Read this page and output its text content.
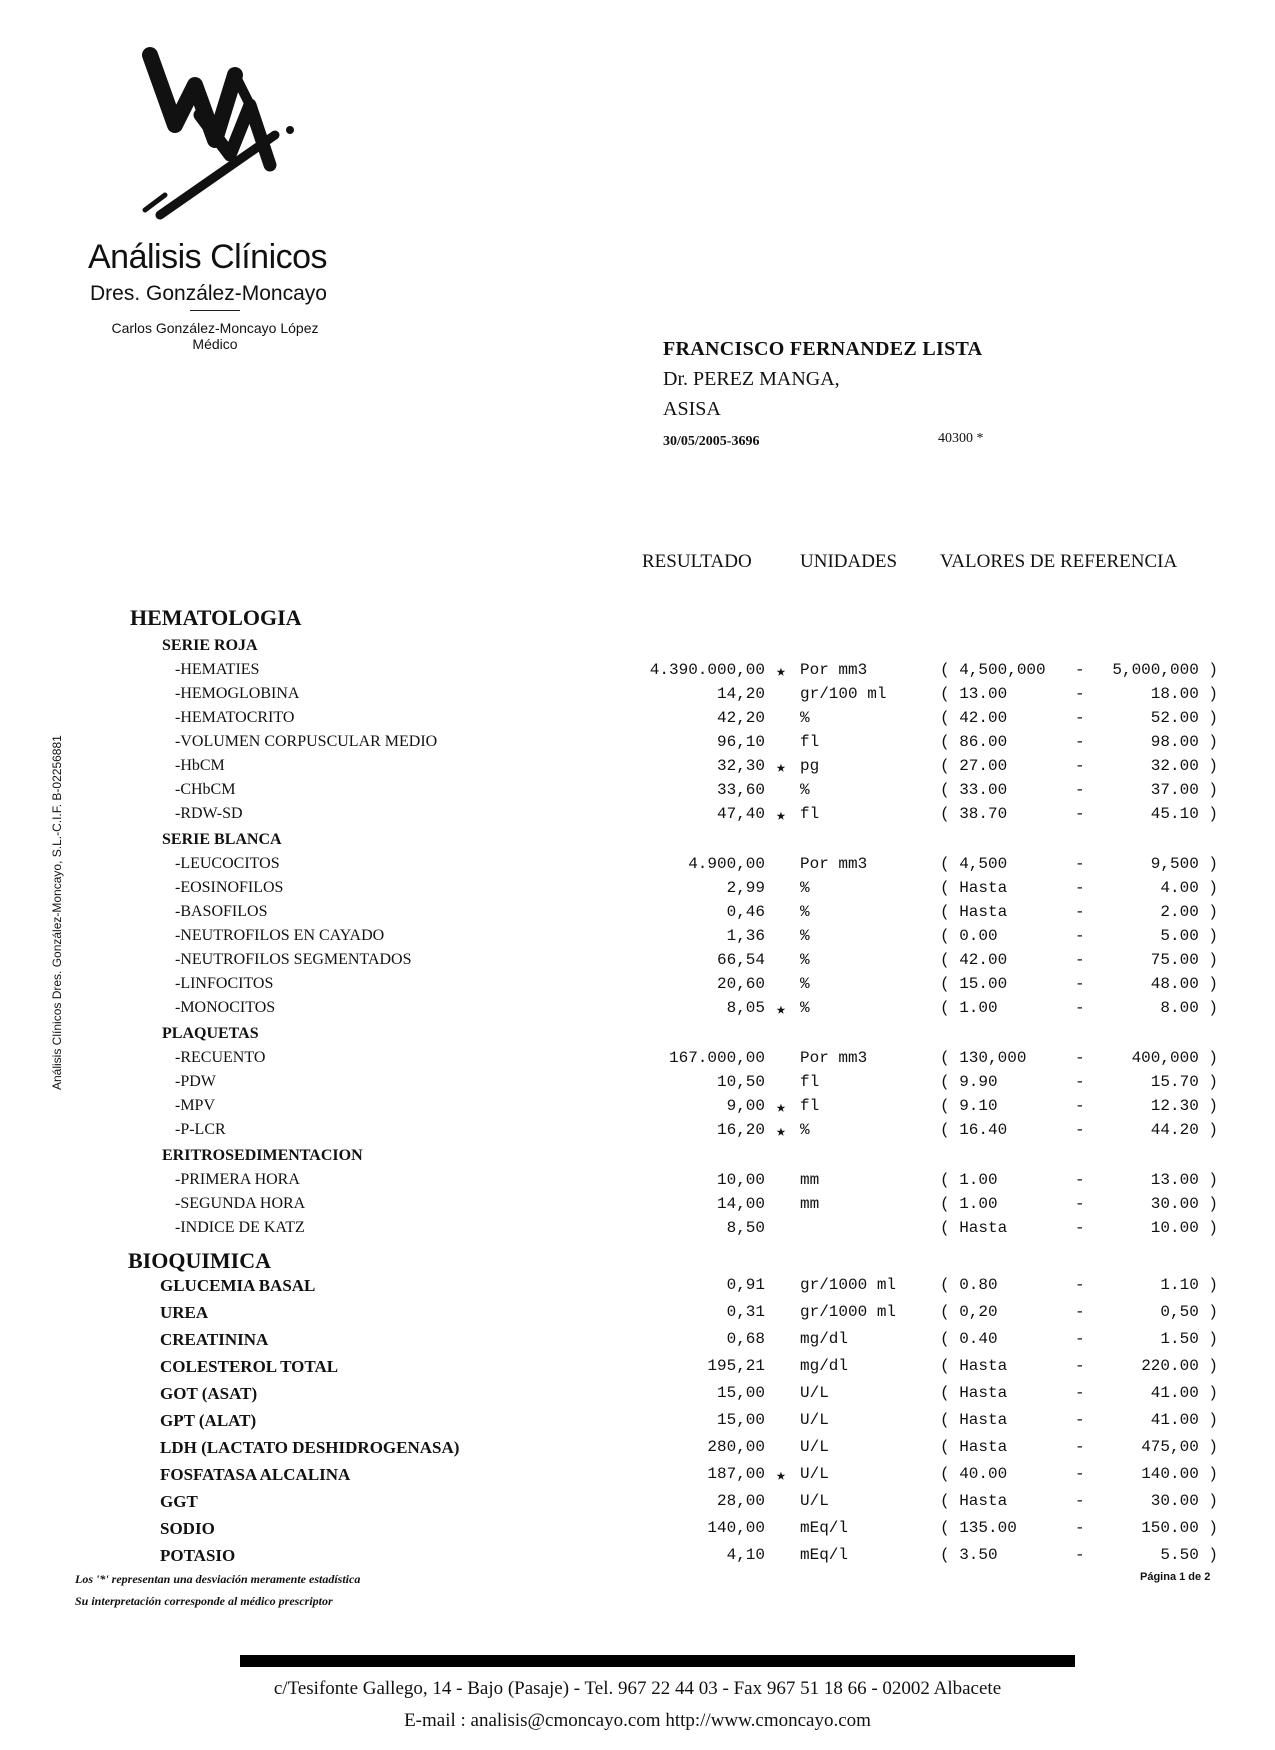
Análisis Clínicos
Dres. González-Moncayo
Carlos González-Moncayo López
Médico
Análisis Clínicos Dres. González-Moncayo, S.L.-C.I.F. B-02256881
FRANCISCO FERNANDEZ LISTA
Dr. PEREZ MANGA,
ASISA
30/05/2005-3696	40300 *
RESULTADO	UNIDADES VALORES DE REFERENCIA
HEMATOLOGIA
SERIE ROJA
SERIE BLANCA
PLAQUETAS
ERITROSEDIMENTACION
BIOQUIMICA
-HEMATIES	4.390.000,00 ★ Por mm3	( 4,500,000 -	5,000,000 )
-HEMOGLOBINA	14,20 gr/100 ml	( 13.00	-	18.00 )
-HEMATOCRITO	42,20 %	( 42.00	-	52.00 )
-VOLUMEN CORPUSCULAR MEDIO	96,10 fl	( 86.00	-	98.00 )
-HbCM	32,30 ★ pg	( 27.00	-	32.00 )
-CHbCM	33,60 %	( 33.00	-	37.00 )
-RDW-SD	47,40 ★ fl	( 38.70	-	45.10 )
-LEUCOCITOS	4.900,00 Por mm3	( 4,500	-	9,500 )
-EOSINOFILOS	2,99 %	( Hasta	-	4.00 )
-BASOFILOS	0,46 %	( Hasta	-	2.00 )
-NEUTROFILOS EN CAYADO	1,36 %	( 0.00	-	5.00 )
-NEUTROFILOS SEGMENTADOS	66,54 %	( 42.00	-	75.00 )
-LINFOCITOS	20,60 %	( 15.00	-	48.00 )
-MONOCITOS	8,05 ★ %	( 1.00	-	8.00 )
-RECUENTO	167.000,00 Por mm3	( 130,000	-	400,000 )
-PDW	10,50 fl	( 9.90	-	15.70 )
-MPV	9,00 ★ fl	( 9.10	-	12.30 )
-P-LCR	16,20 ★ %	( 16.40	-	44.20 )
-PRIMERA HORA	10,00 mm	( 1.00	-	13.00 )
-SEGUNDA HORA	14,00 mm	( 1.00	-	30.00 )
-INDICE DE KATZ	8,50	( Hasta	-	10.00 )
GLUCEMIA BASAL	0,91 gr/1000 ml	( 0.80	-	1.10 )
UREA	0,31 gr/1000 ml	( 0,20	-	0,50 )
CREATININA	0,68 mg/dl	( 0.40	-	1.50 )
COLESTEROL TOTAL	195,21 mg/dl	( Hasta	-	220.00 )
GOT (ASAT)	15,00 U/L	( Hasta	-	41.00 )
GPT (ALAT)	15,00 U/L	( Hasta	-	41.00 )
LDH (LACTATO DESHIDROGENASA)	280,00 U/L	( Hasta	-	475,00 )
FOSFATASA ALCALINA	187,00 ★ U/L	( 40.00	-	140.00 )
GGT	28,00 U/L	( Hasta	-	30.00 )
SODIO	140,00 mEq/l	( 135.00	-	150.00 )
POTASIO	4,10 mEq/l	( 3.50	-	5.50 )
Los '*' representan una desviación meramente estadística
Su interpretación corresponde al médico prescriptor
Página 1 de 2
c/Tesifonte Gallego, 14 - Bajo (Pasaje) - Tel. 967 22 44 03 - Fax 967 51 18 66 - 02002 Albacete
E-mail : analisis@cmoncayo.com http://www.cmoncayo.com
